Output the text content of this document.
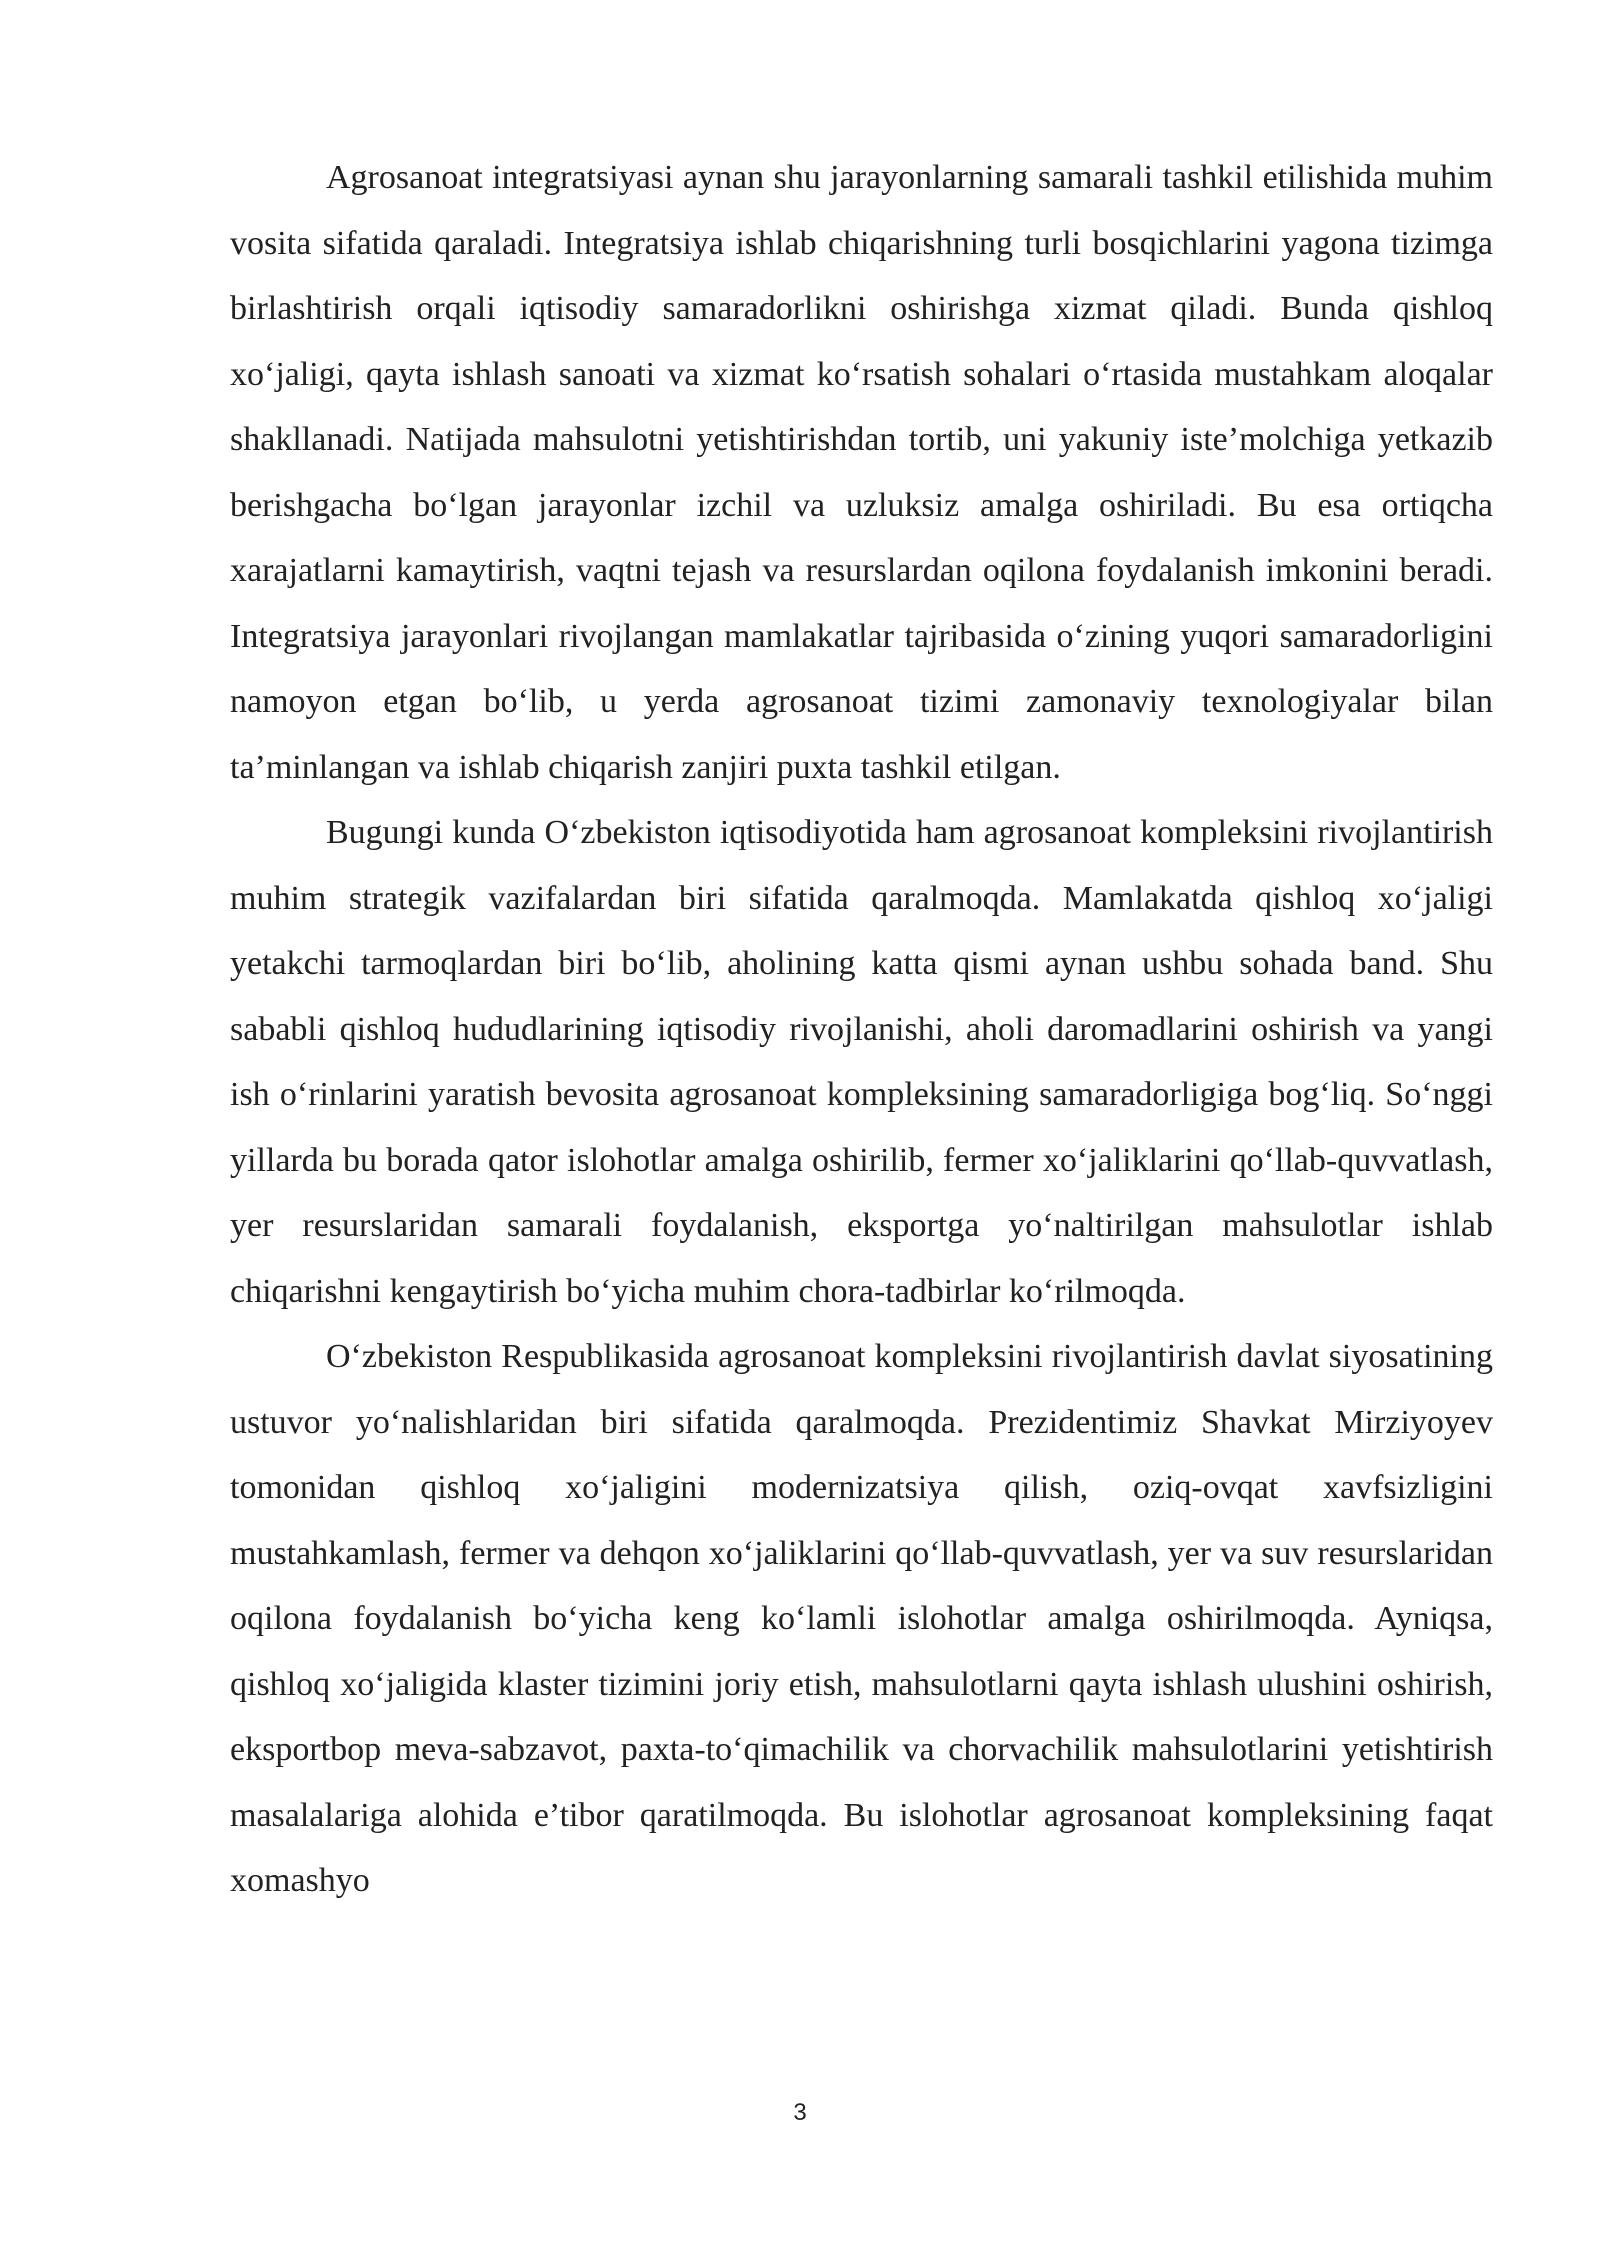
Agrosanoat integratsiyasi aynan shu jarayonlarning samarali tashkil etilishida muhim vosita sifatida qaraladi. Integratsiya ishlab chiqarishning turli bosqichlarini yagona tizimga birlashtirish orqali iqtisodiy samaradorlikni oshirishga xizmat qiladi. Bunda qishloq xo‘jaligi, qayta ishlash sanoati va xizmat ko‘rsatish sohalari o‘rtasida mustahkam aloqalar shakllanadi. Natijada mahsulotni yetishtirishdan tortib, uni yakuniy iste’molchiga yetkazib berishgacha bo‘lgan jarayonlar izchil va uzluksiz amalga oshiriladi. Bu esa ortiqcha xarajatlarni kamaytirish, vaqtni tejash va resurslardan oqilona foydalanish imkonini beradi. Integratsiya jarayonlari rivojlangan mamlakatlar tajribasida o‘zining yuqori samaradorligini namoyon etgan bo‘lib, u yerda agrosanoat tizimi zamonaviy texnologiyalar bilan ta’minlangan va ishlab chiqarish zanjiri puxta tashkil etilgan.

Bugungi kunda O‘zbekiston iqtisodiyotida ham agrosanoat kompleksini rivojlantirish muhim strategik vazifalardan biri sifatida qaralmoqda. Mamlakatda qishloq xo‘jaligi yetakchi tarmoqlardan biri bo‘lib, aholining katta qismi aynan ushbu sohada band. Shu sababli qishloq hududlarining iqtisodiy rivojlanishi, aholi daromadlarini oshirish va yangi ish o‘rinlarini yaratish bevosita agrosanoat kompleksining samaradorligiga bog‘liq. So‘nggi yillarda bu borada qator islohotlar amalga oshirilib, fermer xo‘jaliklarini qo‘llab-quvvatlash, yer resurslaridan samarali foydalanish, eksportga yo‘naltirilgan mahsulotlar ishlab chiqarishni kengaytirish bo‘yicha muhim chora-tadbirlar ko‘rilmoqda.

O‘zbekiston Respublikasida agrosanoat kompleksini rivojlantirish davlat siyosatining ustuvor yo‘nalishlaridan biri sifatida qaralmoqda. Prezidentimiz Shavkat Mirziyoyev tomonidan qishloq xo‘jaligini modernizatsiya qilish, oziq-ovqat xavfsizligini mustahkamlash, fermer va dehqon xo‘jaliklarini qo‘llab-quvvatlash, yer va suv resurslaridan oqilona foydalanish bo‘yicha keng ko‘lamli islohotlar amalga oshirilmoqda. Ayniqsa, qishloq xo‘jaligida klaster tizimini joriy etish, mahsulotlarni qayta ishlash ulushini oshirish, eksportbop meva-sabzavot, paxta-to‘qimachilik va chorvachilik mahsulotlarini yetishtirish masalalariga alohida e’tibor qaratilmoqda. Bu islohotlar agrosanoat kompleksining faqat xomashyo

3
